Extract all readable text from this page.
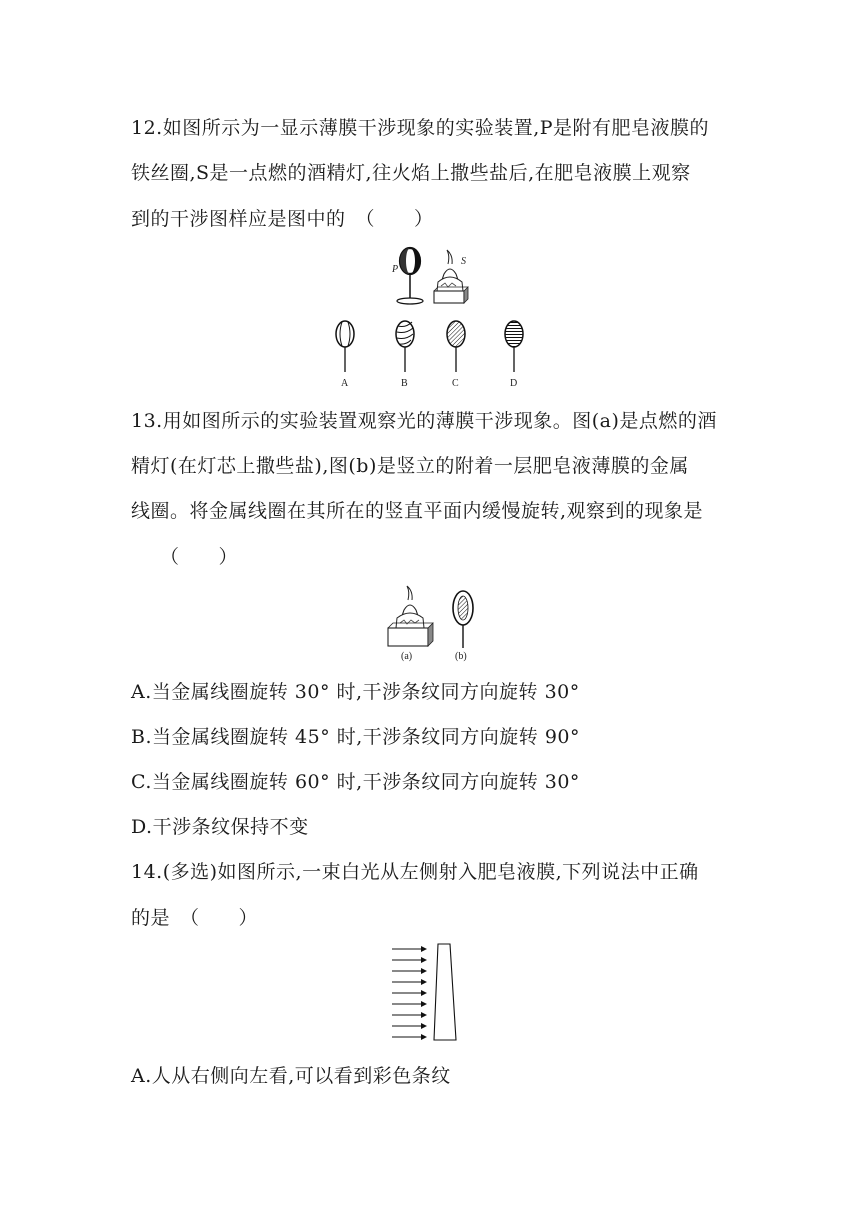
12.如图所示为一显示薄膜干涉现象的实验装置,P是附有肥皂液膜的
铁丝圈,S是一点燃的酒精灯,往火焰上撒些盐后,在肥皂液膜上观察
到的干涉图样应是图中的　（　　）
P
S
A	B	C	D
13.用如图所示的实验装置观察光的薄膜干涉现象。图(a)是点燃的酒
精灯(在灯芯上撒些盐),图(b)是竖立的附着一层肥皂液薄膜的金属
线圈。将金属线圈在其所在的竖直平面内缓慢旋转,观察到的现象是
（　　）
(a)	(b)
A.当金属线圈旋转 30° 时,干涉条纹同方向旋转 30°
B.当金属线圈旋转 45° 时,干涉条纹同方向旋转 90°
C.当金属线圈旋转 60° 时,干涉条纹同方向旋转 30°
D.干涉条纹保持不变
14.(多选)如图所示,一束白光从左侧射入肥皂液膜,下列说法中正确
的是　（　　）
A.人从右侧向左看,可以看到彩色条纹
